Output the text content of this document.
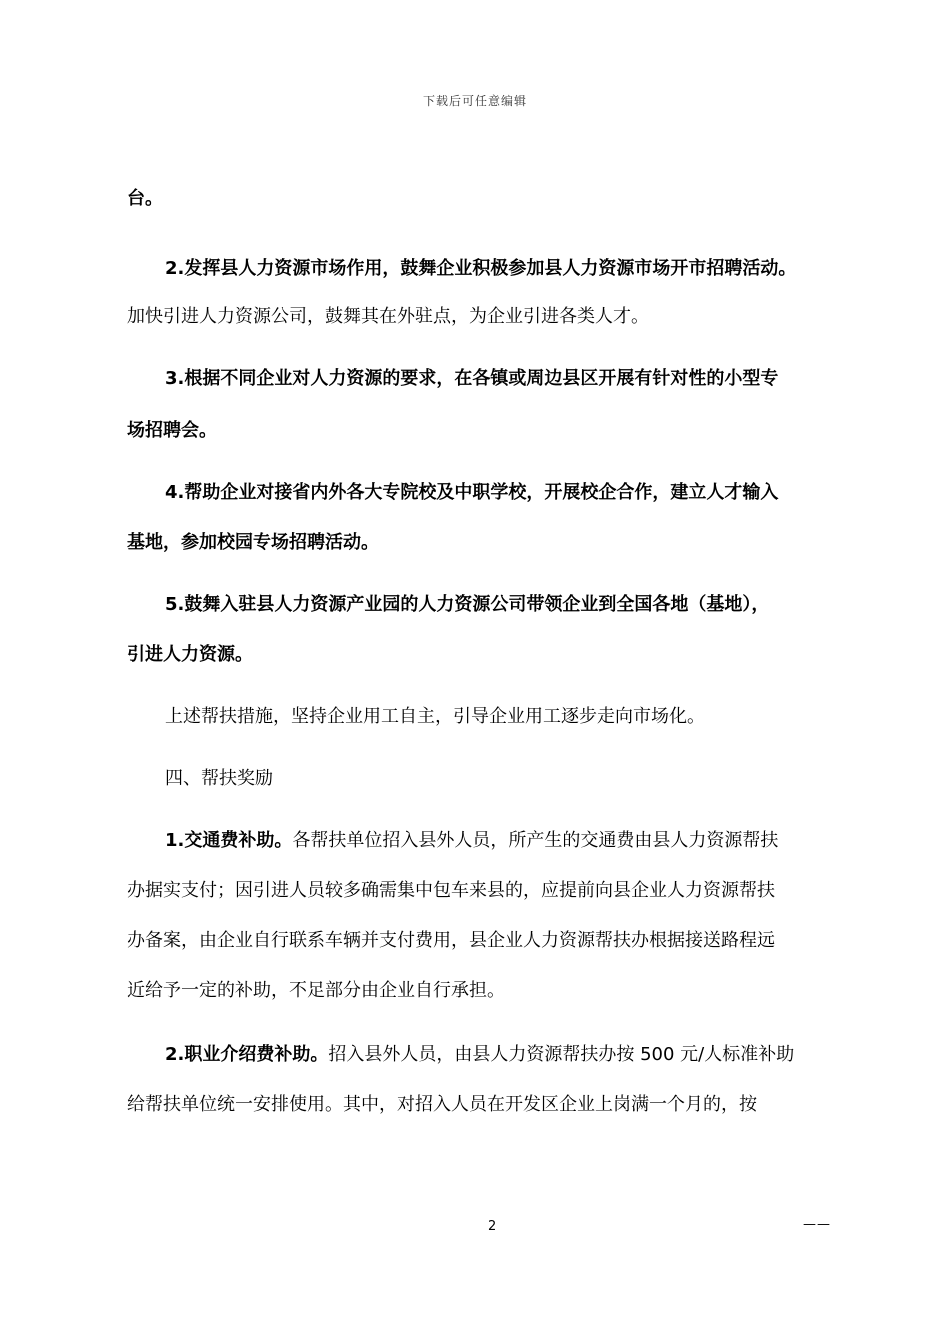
下载后可任意编辑
台。
2.发挥县人力资源市场作用，鼓舞企业积极参加县人力资源市场开市招聘活动。
加快引进人力资源公司，鼓舞其在外驻点，为企业引进各类人才。
3.根据不同企业对人力资源的要求，在各镇或周边县区开展有针对性的小型专
场招聘会。
4.帮助企业对接省内外各大专院校及中职学校，开展校企合作，建立人才输入
基地，参加校园专场招聘活动。
5.鼓舞入驻县人力资源产业园的人力资源公司带领企业到全国各地（基地），
引进人力资源。
上述帮扶措施，坚持企业用工自主，引导企业用工逐步走向市场化。
四、帮扶奖励
1.交通费补助。各帮扶单位招入县外人员，所产生的交通费由县人力资源帮扶
办据实支付；因引进人员较多确需集中包车来县的，应提前向县企业人力资源帮扶
办备案，由企业自行联系车辆并支付费用，县企业人力资源帮扶办根据接送路程远
近给予一定的补助，不足部分由企业自行承担。
2.职业介绍费补助。招入县外人员，由县人力资源帮扶办按 500 元/人标准补助
给帮扶单位统一安排使用。其中，对招入人员在开发区企业上岗满一个月的，按
2	——
